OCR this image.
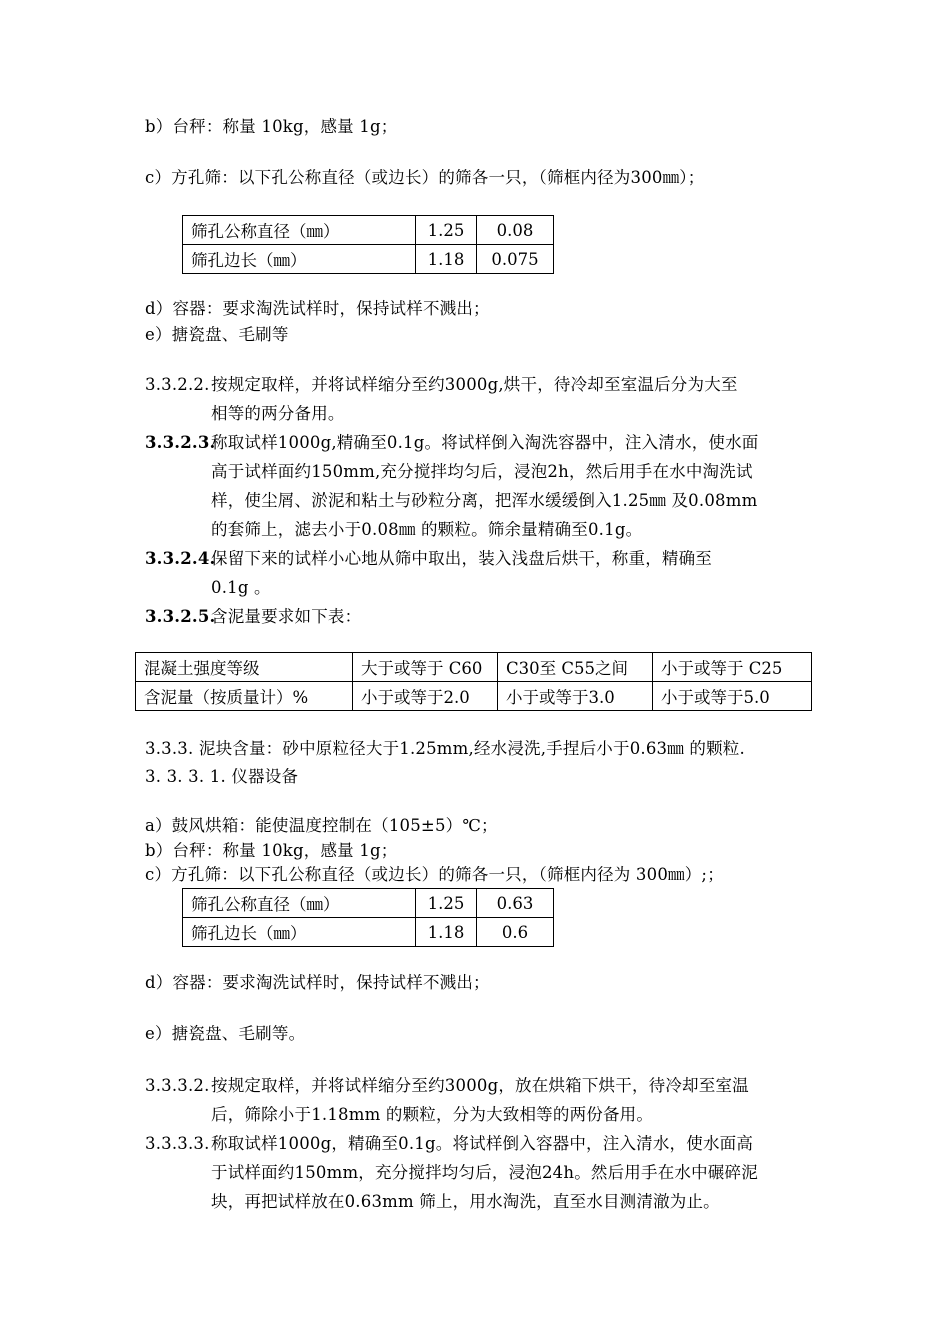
b）台秤：称量 10kg，感量 1g；
c）方孔筛：以下孔公称直径（或边长）的筛各一只，（筛框内径为300㎜）；
筛孔公称直径（㎜）	1.25	0.08
筛孔边长（㎜）	1.18	0.075
d）容器：要求淘洗试样时，保持试样不溅出；
e）搪瓷盘、毛刷等
3.3.2.2. 按规定取样，并将试样缩分至约3000g,烘干，待冷却至室温后分为大至
相等的两分备用。
3.3.2.3.
称取试样1000g,精确至0.1g。将试样倒入淘洗容器中，注入清水，使水面
高于试样面约150mm,充分搅拌均匀后，浸泡2h，然后用手在水中淘洗试
样，使尘屑、淤泥和粘土与砂粒分离，把浑水缓缓倒入1.25㎜ 及0.08mm
的套筛上，滤去小于0.08㎜ 的颗粒。筛余量精确至0.1g。
3.3.2.4.
保留下来的试样小心地从筛中取出，装入浅盘后烘干，称重，精确至
0.1g 。
3.3.2.5.
含泥量要求如下表：
混凝土强度等级	大于或等于 C60	C30至 C55之间	小于或等于 C25
含泥量（按质量计）%	小于或等于2.0	小于或等于3.0	小于或等于5.0
3.3.3. 泥块含量：砂中原粒径大于1.25mm,经水浸洗,手捏后小于0.63㎜ 的颗粒.
3. 3. 3. 1. 仪器设备
a）鼓风烘箱：能使温度控制在（105±5）℃；
b）台秤：称量 10kg，感量 1g；
c）方孔筛：以下孔公称直径（或边长）的筛各一只，（筛框内径为 300㎜）;；
筛孔公称直径（㎜）	1.25	0.63
筛孔边长（㎜）	1.18	0.6
d）容器：要求淘洗试样时，保持试样不溅出；
e）搪瓷盘、毛刷等。
3.3.3.2. 按规定取样，并将试样缩分至约3000g，放在烘箱下烘干，待冷却至室温
后，筛除小于1.18mm 的颗粒，分为大致相等的两份备用。
3.3.3.3. 称取试样1000g，精确至0.1g。将试样倒入容器中，注入清水，使水面高
于试样面约150mm，充分搅拌均匀后，浸泡24h。然后用手在水中碾碎泥
块，再把试样放在0.63mm 筛上，用水淘洗，直至水目测清澈为止。
